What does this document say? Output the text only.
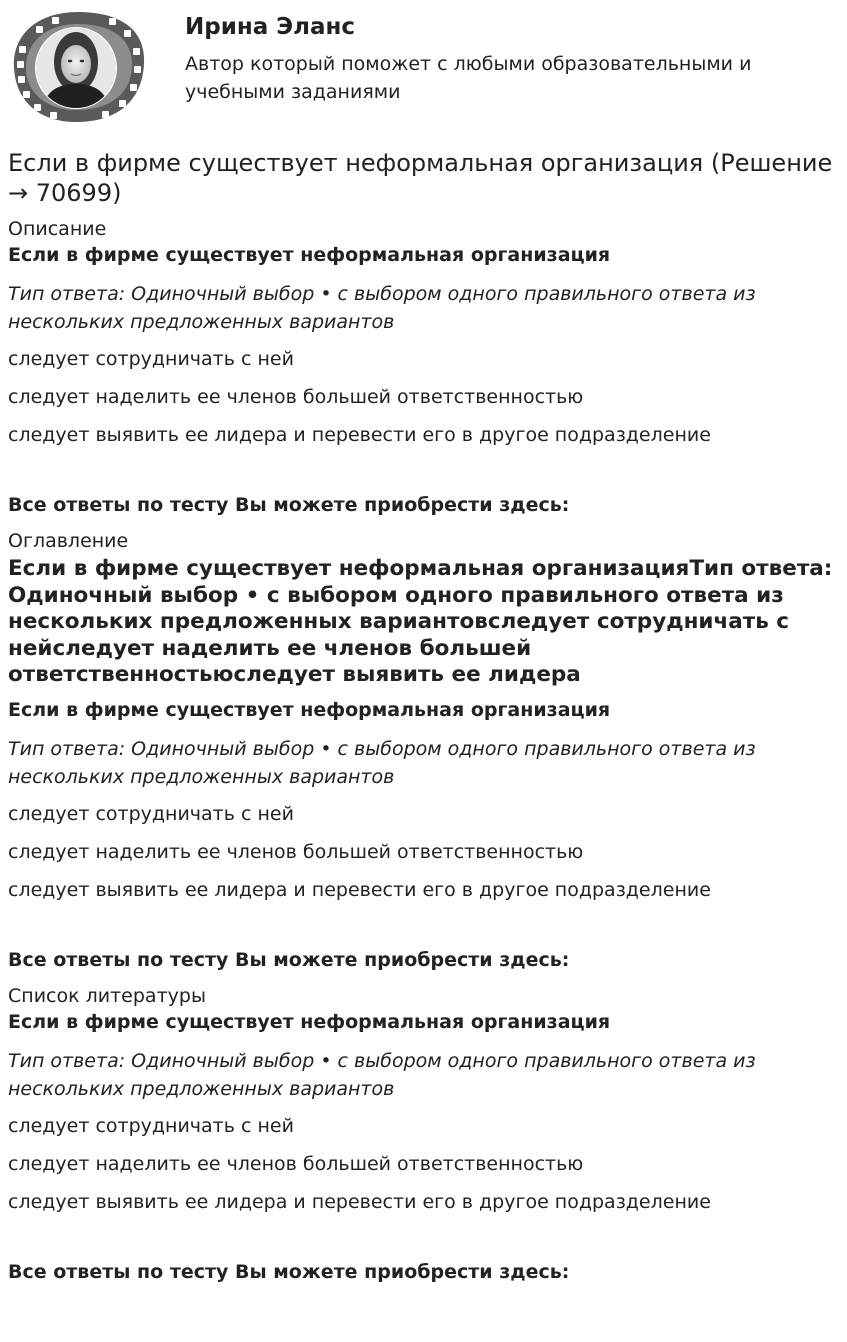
Ирина Эланс

Автор который поможет с любыми образовательными и учебными заданиями

Если в фирме существует неформальная организация (Решение → 70699)

Описание

Если в фирме существует неформальная организация

Тип ответа: Одиночный выбор • с выбором одного правильного ответа из нескольких предложенных вариантов

следует сотрудничать с ней

следует наделить ее членов большей ответственностью

следует выявить ее лидера и перевести его в другое подразделение

Все ответы по тесту Вы можете приобрести здесь:

Оглавление

Если в фирме существует неформальная организацияТип ответа: Одиночный выбор • с выбором одного правильного ответа из нескольких предложенных вариантовследует сотрудничать с нейследует наделить ее членов большей ответственностьюследует выявить ее лидера

Если в фирме существует неформальная организация

Тип ответа: Одиночный выбор • с выбором одного правильного ответа из нескольких предложенных вариантов

следует сотрудничать с ней

следует наделить ее членов большей ответственностью

следует выявить ее лидера и перевести его в другое подразделение

Все ответы по тесту Вы можете приобрести здесь:

Список литературы

Если в фирме существует неформальная организация

Тип ответа: Одиночный выбор • с выбором одного правильного ответа из нескольких предложенных вариантов

следует сотрудничать с ней

следует наделить ее членов большей ответственностью

следует выявить ее лидера и перевести его в другое подразделение

Все ответы по тесту Вы можете приобрести здесь:
